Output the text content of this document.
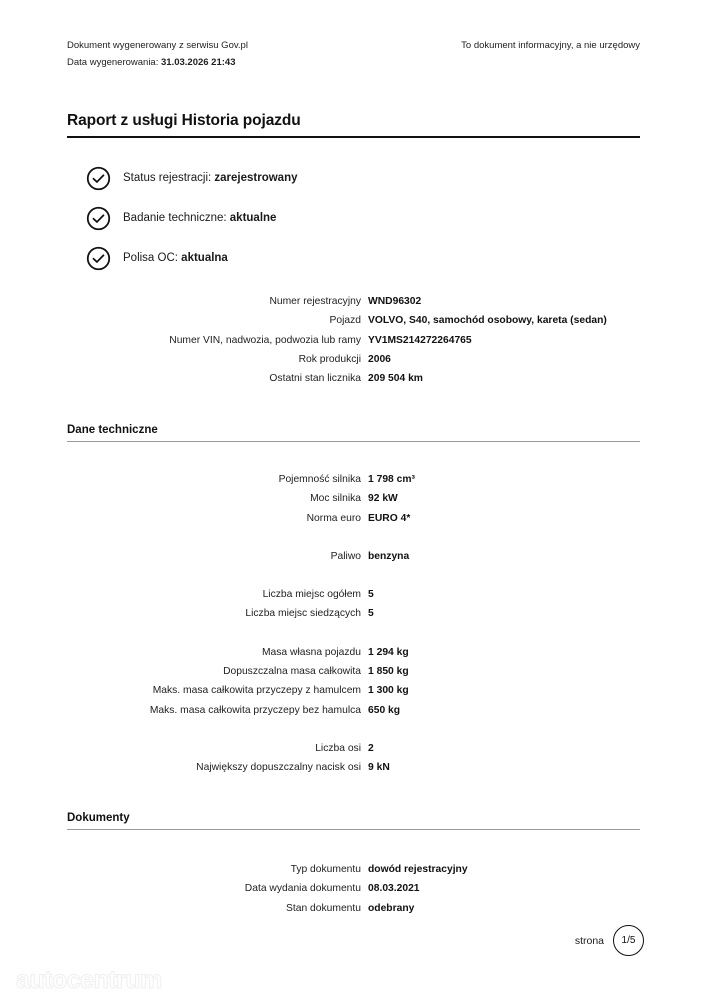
Dokument wygenerowany z serwisu Gov.pl
Data wygenerowania: 31.03.2026 21:43
To dokument informacyjny, a nie urzędowy
Raport z usługi Historia pojazdu
Status rejestracji: zarejestrowany
Badanie techniczne: aktualne
Polisa OC: aktualna
Numer rejestracyjny WND96302
Pojazd VOLVO, S40, samochód osobowy, kareta (sedan)
Numer VIN, nadwozia, podwozia lub ramy YV1MS214272264765
Rok produkcji 2006
Ostatni stan licznika 209 504 km
Dane techniczne
Pojemność silnika 1 798 cm³
Moc silnika 92 kW
Norma euro EURO 4*
Paliwo benzyna
Liczba miejsc ogółem 5
Liczba miejsc siedzących 5
Masa własna pojazdu 1 294 kg
Dopuszczalna masa całkowita 1 850 kg
Maks. masa całkowita przyczepy z hamulcem 1 300 kg
Maks. masa całkowita przyczepy bez hamulca 650 kg
Liczba osi 2
Największy dopuszczalny nacisk osi 9 kN
Dokumenty
Typ dokumentu dowód rejestracyjny
Data wydania dokumentu 08.03.2021
Stan dokumentu odebrany
strona	1/5
autocentrum
